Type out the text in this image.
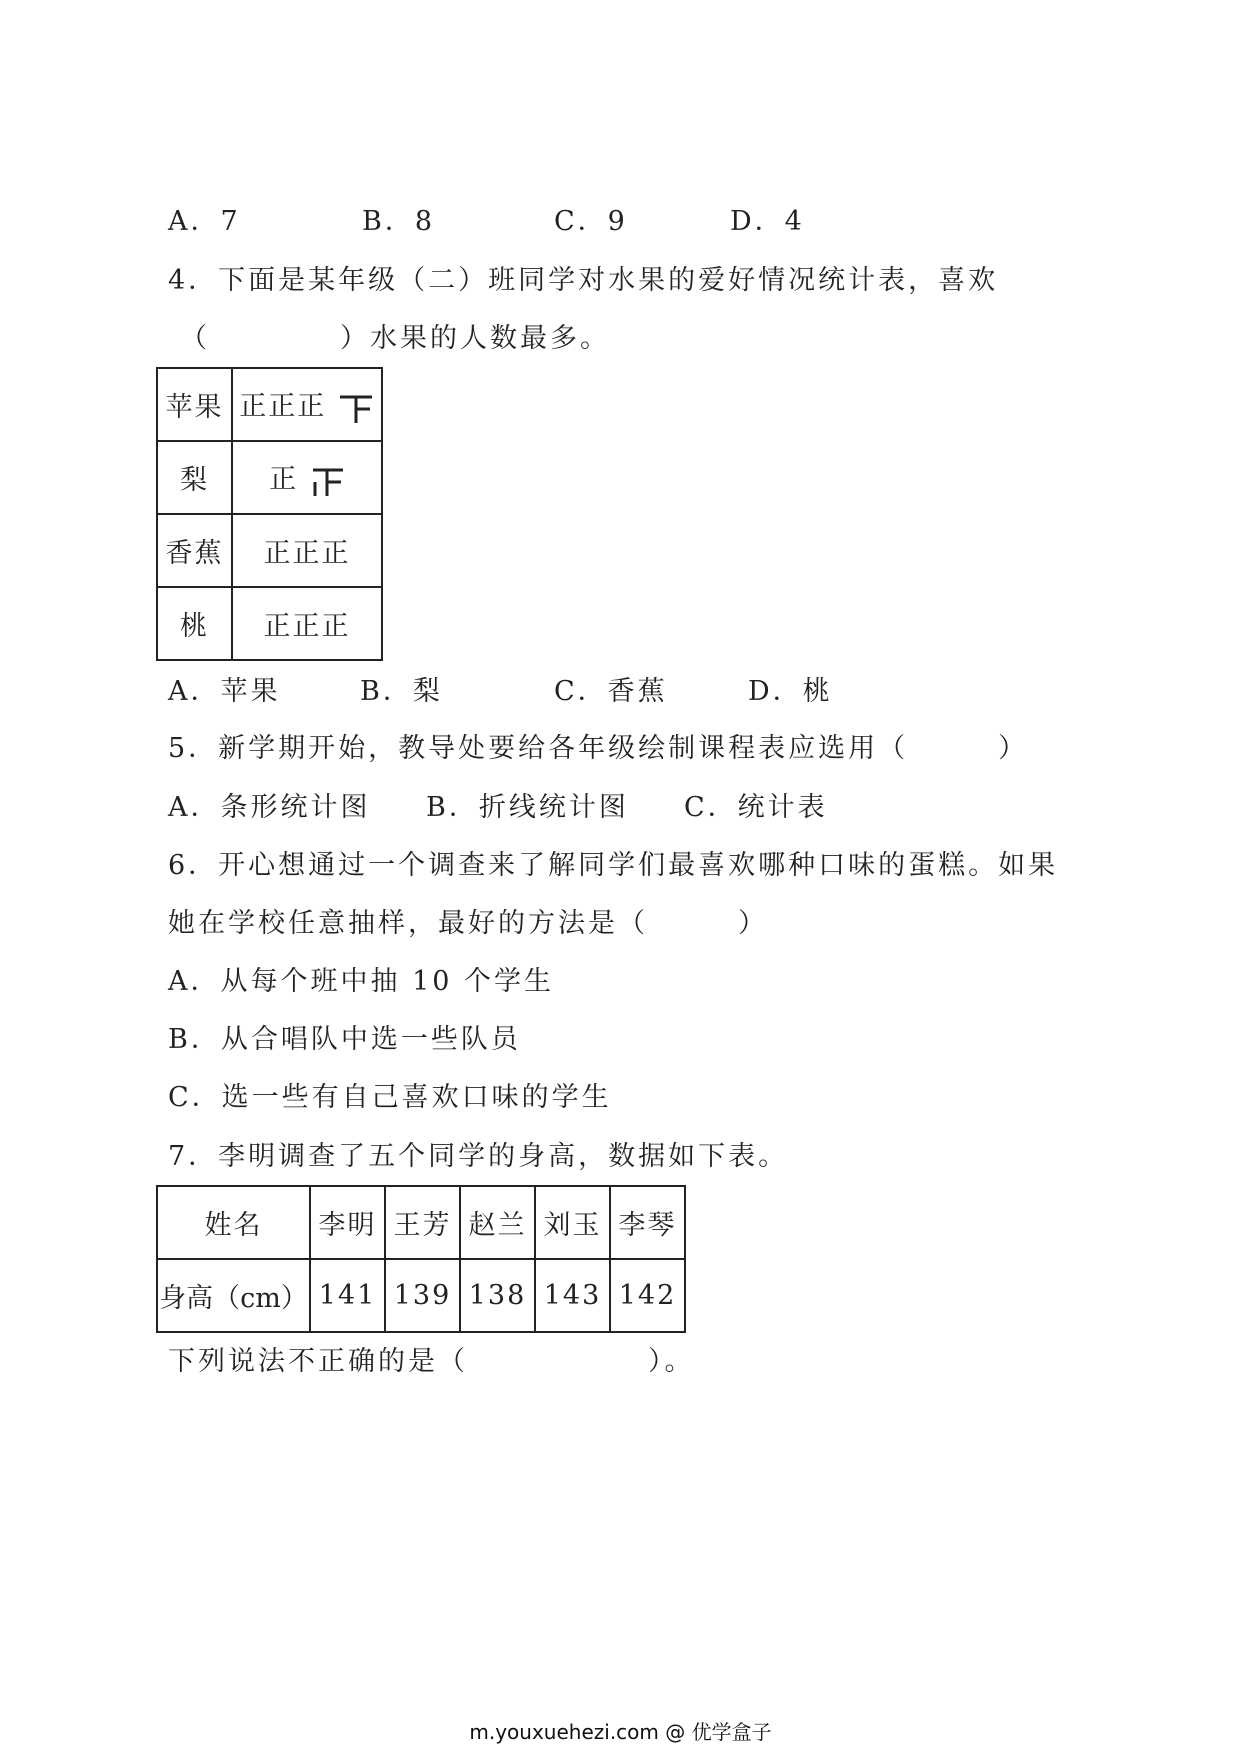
A．7	B．8	C．9	D．4
4．下面是某年级（二）班同学对水果的爱好情况统计表，喜欢
（	）水果的人数最多。
苹果	正正正
梨	正
香蕉	正正正
桃	正正正
A．苹果	B．梨	C．香蕉	D．桃
5．新学期开始，教导处要给各年级绘制课程表应选用（　　　）
A．条形统计图 B．折线统计图 C．统计表
6．开心想通过一个调查来了解同学们最喜欢哪种口味的蛋糕。如果
她在学校任意抽样，最好的方法是（　　　）
A．从每个班中抽 10 个学生
B．从合唱队中选一些队员
C．选一些有自己喜欢口味的学生
7．李明调查了五个同学的身高，数据如下表。
姓名	李明	王芳	赵兰	刘玉	李琴
身高（cm）	141	139	138	143	142
下列说法不正确的是（　　　　　　）。
m.youxuehezi.com @ 优学盒子
